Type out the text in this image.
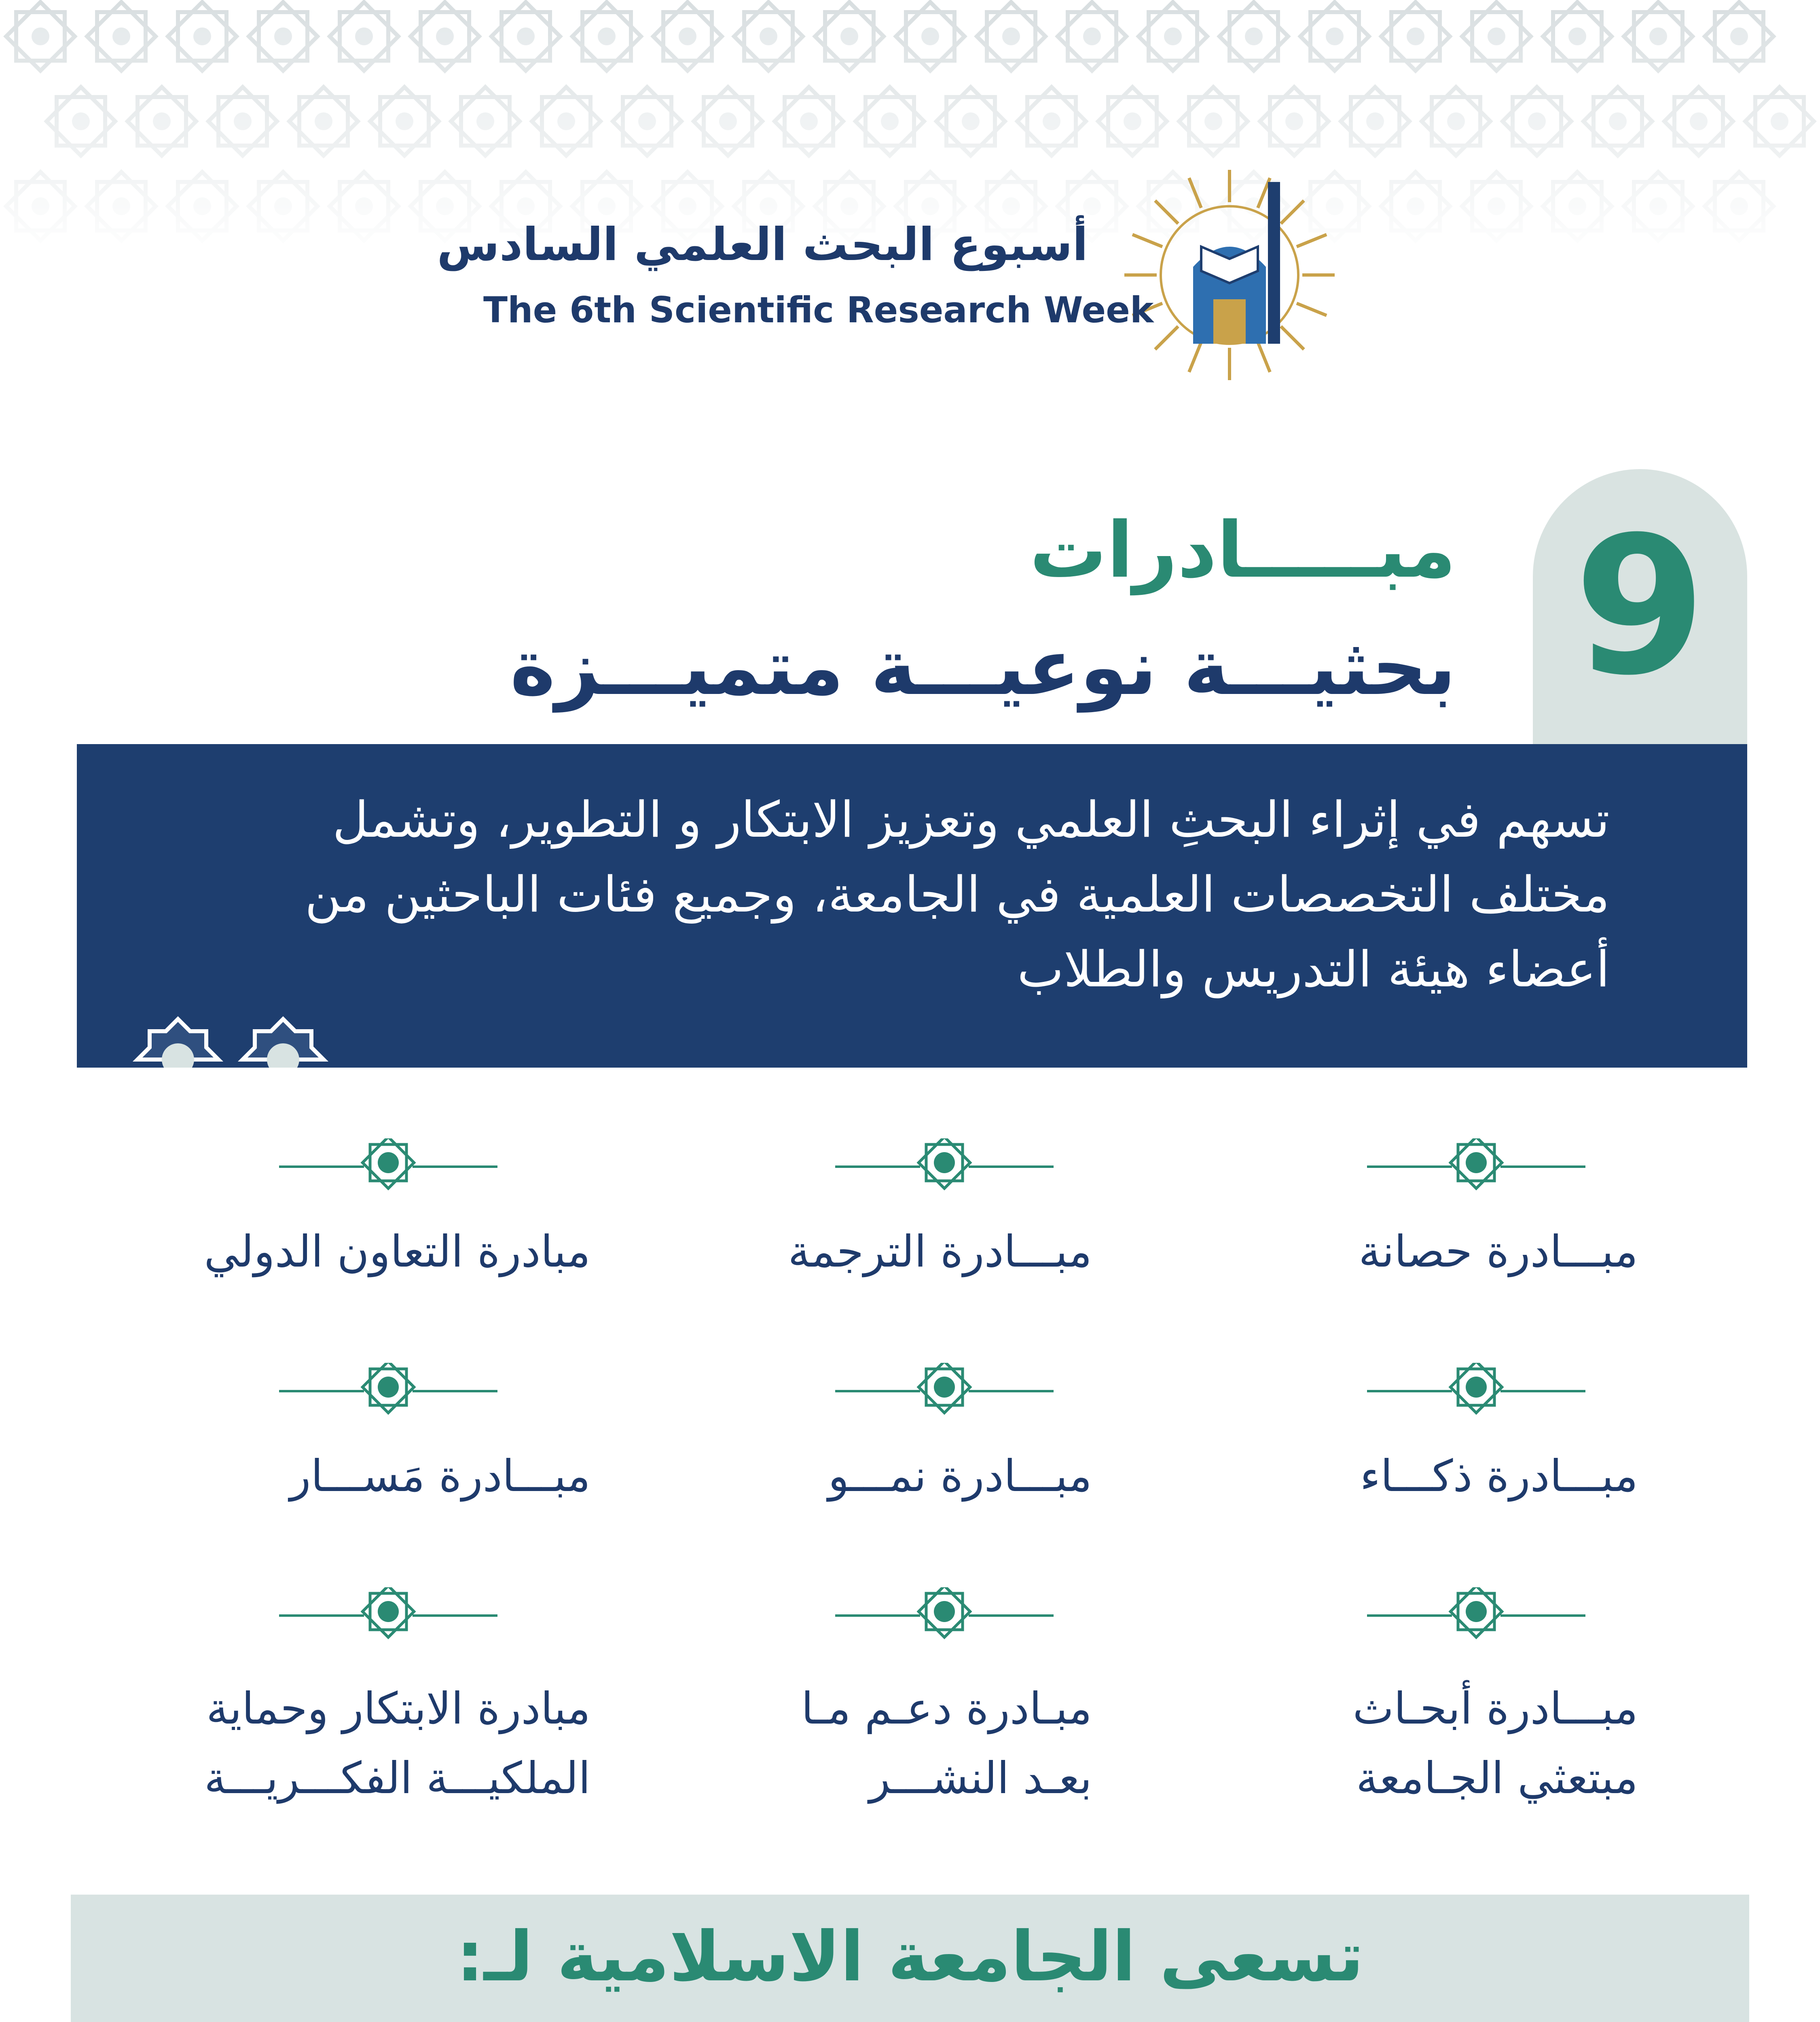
أسبوع البحث العلمي السادس
The 6th Scientific Research Week
9
مبـــــادرات
بحثيـــة نوعيـــة متميـــزة
تسهم في إثراء البحثِ العلمي وتعزيز الابتكار و التطوير، وتشمل مختلف التخصصات العلمية في الجامعة، وجميع فئات الباحثين من أعضاء هيئة التدريس والطلاب
مبـــادرة حصانة
مبـــادرة الترجمة
مبادرة التعاون الدولي
مبـــادرة ذكـــاء
مبـــادرة نمـــو
مبـــادرة مَســـار
مبـــادرة أبحـاث
مبتعثي الجـامعة
مبـادرة دعـم مـا
بعـد النشـــر
مبادرة الابتكار وحماية
الملكيـــة الفكـــريـــة
تسعى الجامعة الاسلامية لـ:
